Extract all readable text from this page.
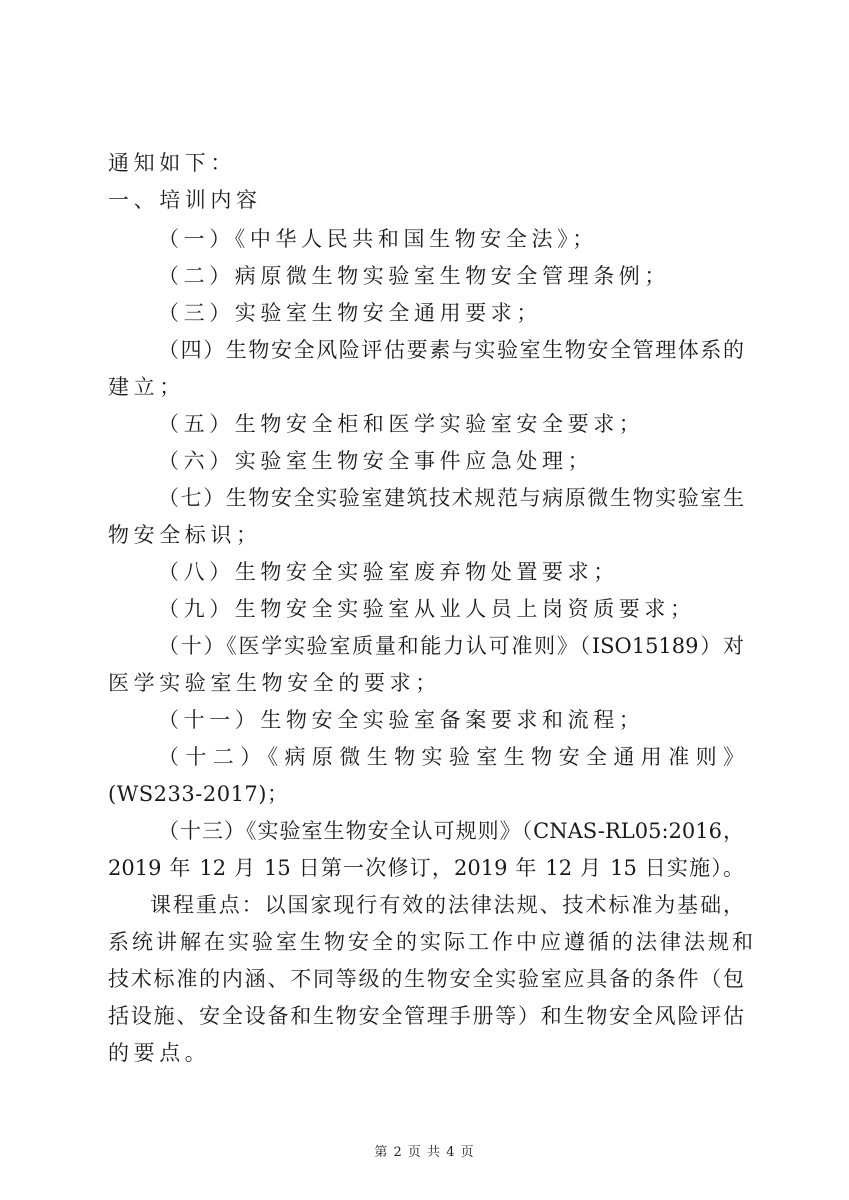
通知如下：
一、培训内容
（一）《中华人民共和国生物安全法》；
（二）病原微生物实验室生物安全管理条例；
（三）实验室生物安全通用要求；
（四）生物安全风险评估要素与实验室生物安全管理体系的
建立；
（五）生物安全柜和医学实验室安全要求；
（六）实验室生物安全事件应急处理；
（七）生物安全实验室建筑技术规范与病原微生物实验室生
物安全标识；
（八）生物安全实验室废弃物处置要求；
（九）生物安全实验室从业人员上岗资质要求；
（十）《医学实验室质量和能力认可准则》（ISO15189）对
医学实验室生物安全的要求；
（十一）生物安全实验室备案要求和流程；
（十二）《病原微生物实验室生物安全通用准则》
(WS233-2017)；
（十三）《实验室生物安全认可规则》（CNAS-RL05:2016，
2019 年 12 月 15 日第一次修订，2019 年 12 月 15 日实施）。
课程重点：以国家现行有效的法律法规、技术标准为基础，
系统讲解在实验室生物安全的实际工作中应遵循的法律法规和
技术标准的内涵、不同等级的生物安全实验室应具备的条件（包
括设施、安全设备和生物安全管理手册等）和生物安全风险评估
的要点。
第 2 页 共 4 页
